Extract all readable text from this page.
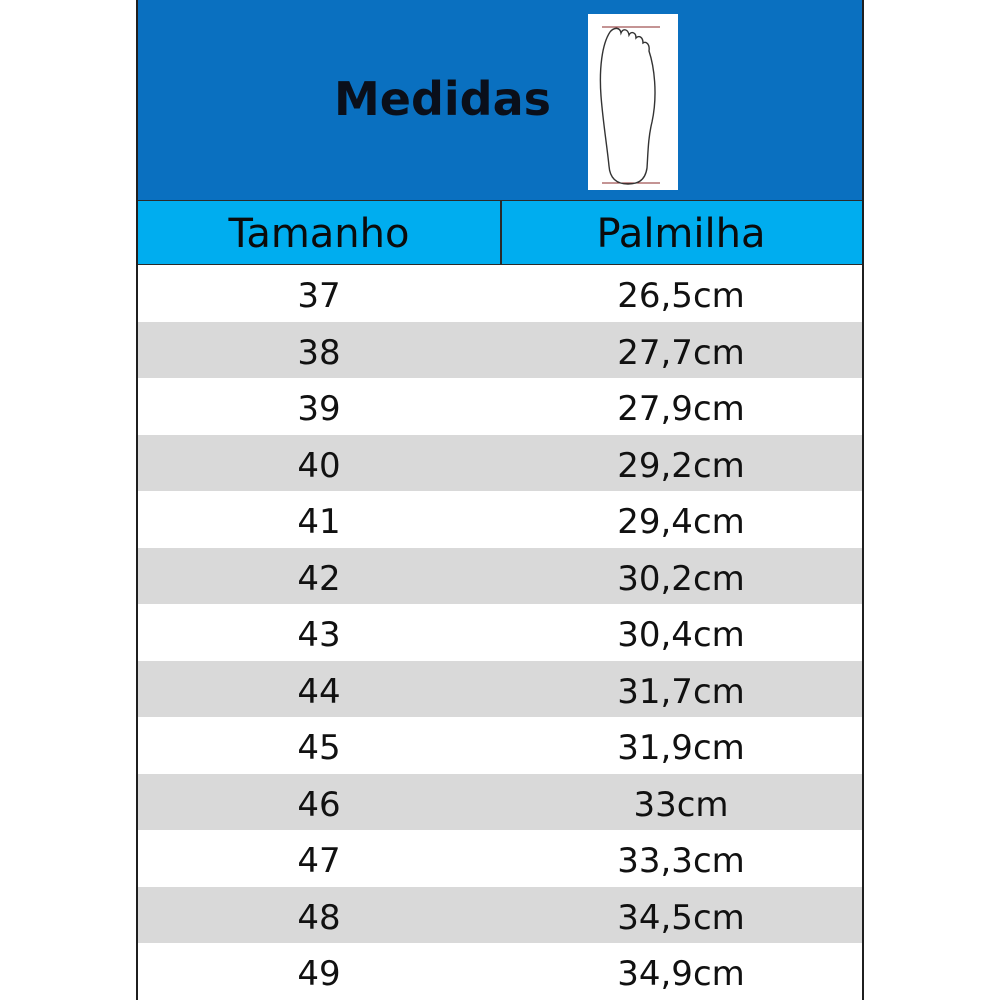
Medidas
Tamanho	Palmilha
37	26,5cm
38	27,7cm
39	27,9cm
40	29,2cm
41	29,4cm
42	30,2cm
43	30,4cm
44	31,7cm
45	31,9cm
46	33cm
47	33,3cm
48	34,5cm
49	34,9cm
